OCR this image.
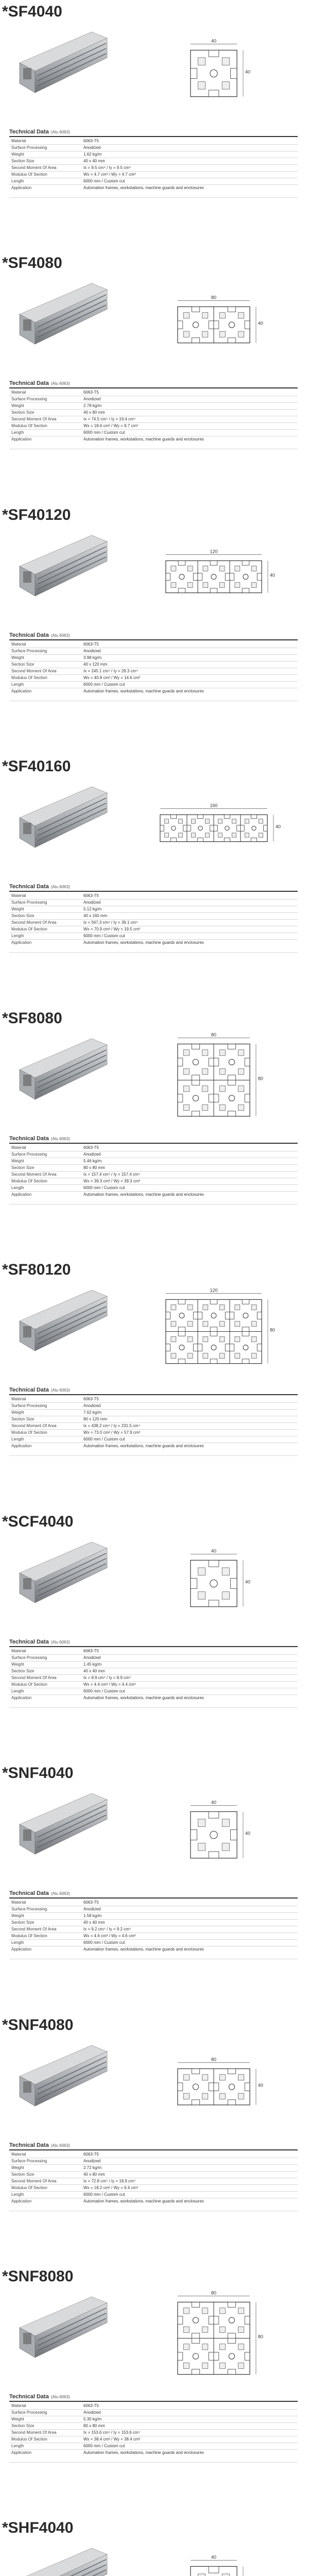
*SF4040
40
40
Technical Data (Alu 6063)
Material	6063-T5
Surface Processing	Anodized
Weight	1.62 kg/m
Section Size	40 x 40 mm
Second Moment Of Area	Ix = 9.5 cm⁴ / Iy = 9.5 cm⁴
Modulus Of Section	Wx = 4.7 cm³ / Wy = 4.7 cm³
Length	6000 mm / Custom cut
Application	Automation frames, workstations, machine guards and enclosures
*SF4080
80
40
Technical Data (Alu 6063)
Material	6063-T5
Surface Processing	Anodized
Weight	2.78 kg/m
Section Size	40 x 80 mm
Second Moment Of Area	Ix = 74.5 cm⁴ / Iy = 19.4 cm⁴
Modulus Of Section	Wx = 18.6 cm³ / Wy = 9.7 cm³
Length	6000 mm / Custom cut
Application	Automation frames, workstations, machine guards and enclosures
*SF40120
120
40
Technical Data (Alu 6063)
Material	6063-T5
Surface Processing	Anodized
Weight	3.98 kg/m
Section Size	40 x 120 mm
Second Moment Of Area	Ix = 245.1 cm⁴ / Iy = 29.3 cm⁴
Modulus Of Section	Wx = 40.8 cm³ / Wy = 14.6 cm³
Length	6000 mm / Custom cut
Application	Automation frames, workstations, machine guards and enclosures
*SF40160
160
40
Technical Data (Alu 6063)
Material	6063-T5
Surface Processing	Anodized
Weight	5.12 kg/m
Section Size	40 x 160 mm
Second Moment Of Area	Ix = 567.3 cm⁴ / Iy = 39.1 cm⁴
Modulus Of Section	Wx = 70.9 cm³ / Wy = 19.5 cm³
Length	6000 mm / Custom cut
Application	Automation frames, workstations, machine guards and enclosures
*SF8080
80
80
Technical Data (Alu 6063)
Material	6063-T5
Surface Processing	Anodized
Weight	5.46 kg/m
Section Size	80 x 80 mm
Second Moment Of Area	Ix = 157.4 cm⁴ / Iy = 157.4 cm⁴
Modulus Of Section	Wx = 39.3 cm³ / Wy = 39.3 cm³
Length	6000 mm / Custom cut
Application	Automation frames, workstations, machine guards and enclosures
*SF80120
120
80
Technical Data (Alu 6063)
Material	6063-T5
Surface Processing	Anodized
Weight	7.62 kg/m
Section Size	80 x 120 mm
Second Moment Of Area	Ix = 438.2 cm⁴ / Iy = 231.5 cm⁴
Modulus Of Section	Wx = 73.0 cm³ / Wy = 57.9 cm³
Length	6000 mm / Custom cut
Application	Automation frames, workstations, machine guards and enclosures
*SCF4040
40
40
Technical Data (Alu 6063)
Material	6063-T5
Surface Processing	Anodized
Weight	1.45 kg/m
Section Size	40 x 40 mm
Second Moment Of Area	Ix = 8.9 cm⁴ / Iy = 8.9 cm⁴
Modulus Of Section	Wx = 4.4 cm³ / Wy = 4.4 cm³
Length	6000 mm / Custom cut
Application	Automation frames, workstations, machine guards and enclosures
*SNF4040
40
40
Technical Data (Alu 6063)
Material	6063-T5
Surface Processing	Anodized
Weight	1.58 kg/m
Section Size	40 x 40 mm
Second Moment Of Area	Ix = 9.2 cm⁴ / Iy = 9.2 cm⁴
Modulus Of Section	Wx = 4.6 cm³ / Wy = 4.6 cm³
Length	6000 mm / Custom cut
Application	Automation frames, workstations, machine guards and enclosures
*SNF4080
80
40
Technical Data (Alu 6063)
Material	6063-T5
Surface Processing	Anodized
Weight	2.72 kg/m
Section Size	40 x 80 mm
Second Moment Of Area	Ix = 72.8 cm⁴ / Iy = 18.9 cm⁴
Modulus Of Section	Wx = 18.2 cm³ / Wy = 9.4 cm³
Length	6000 mm / Custom cut
Application	Automation frames, workstations, machine guards and enclosures
*SNF8080
80
80
Technical Data (Alu 6063)
Material	6063-T5
Surface Processing	Anodized
Weight	5.30 kg/m
Section Size	80 x 80 mm
Second Moment Of Area	Ix = 153.6 cm⁴ / Iy = 153.6 cm⁴
Modulus Of Section	Wx = 38.4 cm³ / Wy = 38.4 cm³
Length	6000 mm / Custom cut
Application	Automation frames, workstations, machine guards and enclosures
*SHF4040
40
